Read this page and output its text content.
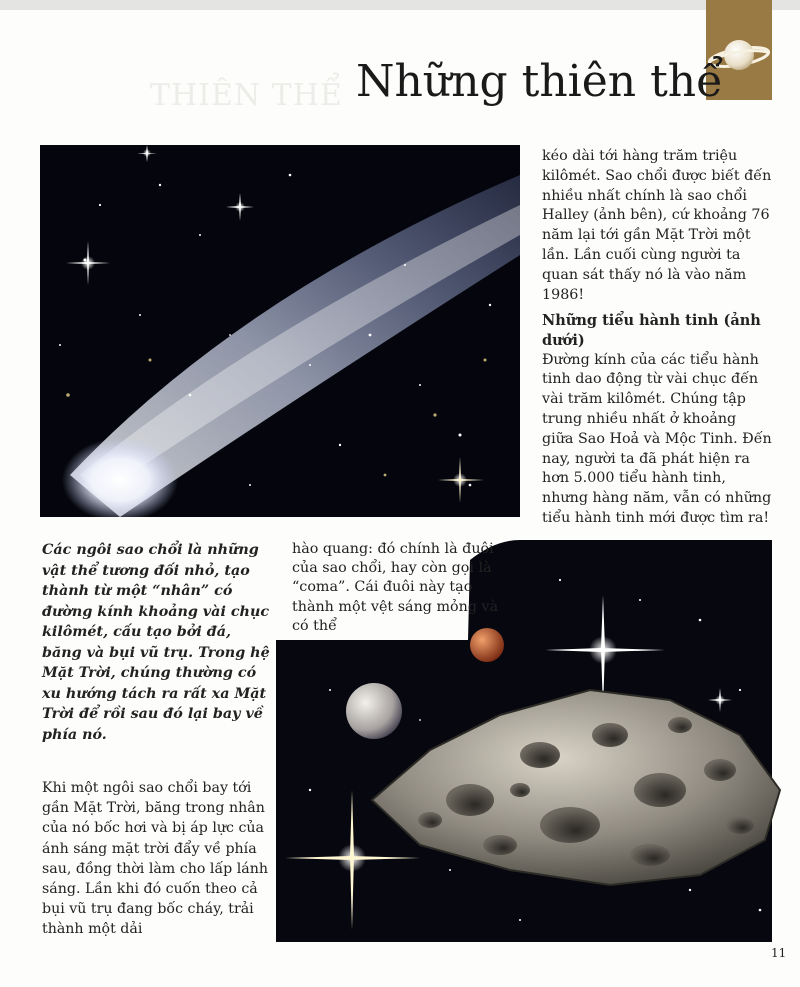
THIÊN THỂ Những thiên thể

kéo dài tới hàng trăm triệu kilômét. Sao chổi được biết đến nhiều nhất chính là sao chổi Halley (ảnh bên), cứ khoảng 76 năm lại tới gần Mặt Trời một lần. Lần cuối cùng người ta quan sát thấy nó là vào năm 1986!

Những tiểu hành tinh (ảnh dưới)

Đường kính của các tiểu hành tinh dao động từ vài chục đến vài trăm kilômét. Chúng tập trung nhiều nhất ở khoảng giữa Sao Hoả và Mộc Tinh. Đến nay, người ta đã phát hiện ra hơn 5.000 tiểu hành tinh, nhưng hàng năm, vẫn có những tiểu hành tinh mới được tìm ra!

Các ngôi sao chổi là những vật thể tương đối nhỏ, tạo thành từ một “nhân” có đường kính khoảng vài chục kilômét, cấu tạo bởi đá, băng và bụi vũ trụ. Trong hệ Mặt Trời, chúng thường có xu hướng tách ra rất xa Mặt Trời để rồi sau đó lại bay về phía nó.
Khi một ngôi sao chổi bay tới gần Mặt Trời, băng trong nhân của nó bốc hơi và bị áp lực của ánh sáng mặt trời đẩy về phía sau, đồng thời làm cho lấp lánh sáng. Lần khi đó cuốn theo cả bụi vũ trụ đang bốc cháy, trải thành một dải
hào quang: đó chính là đuôi của sao chổi, hay còn gọi là “coma”. Cái đuôi này tạo thành một vệt sáng mỏng và có thể
11
